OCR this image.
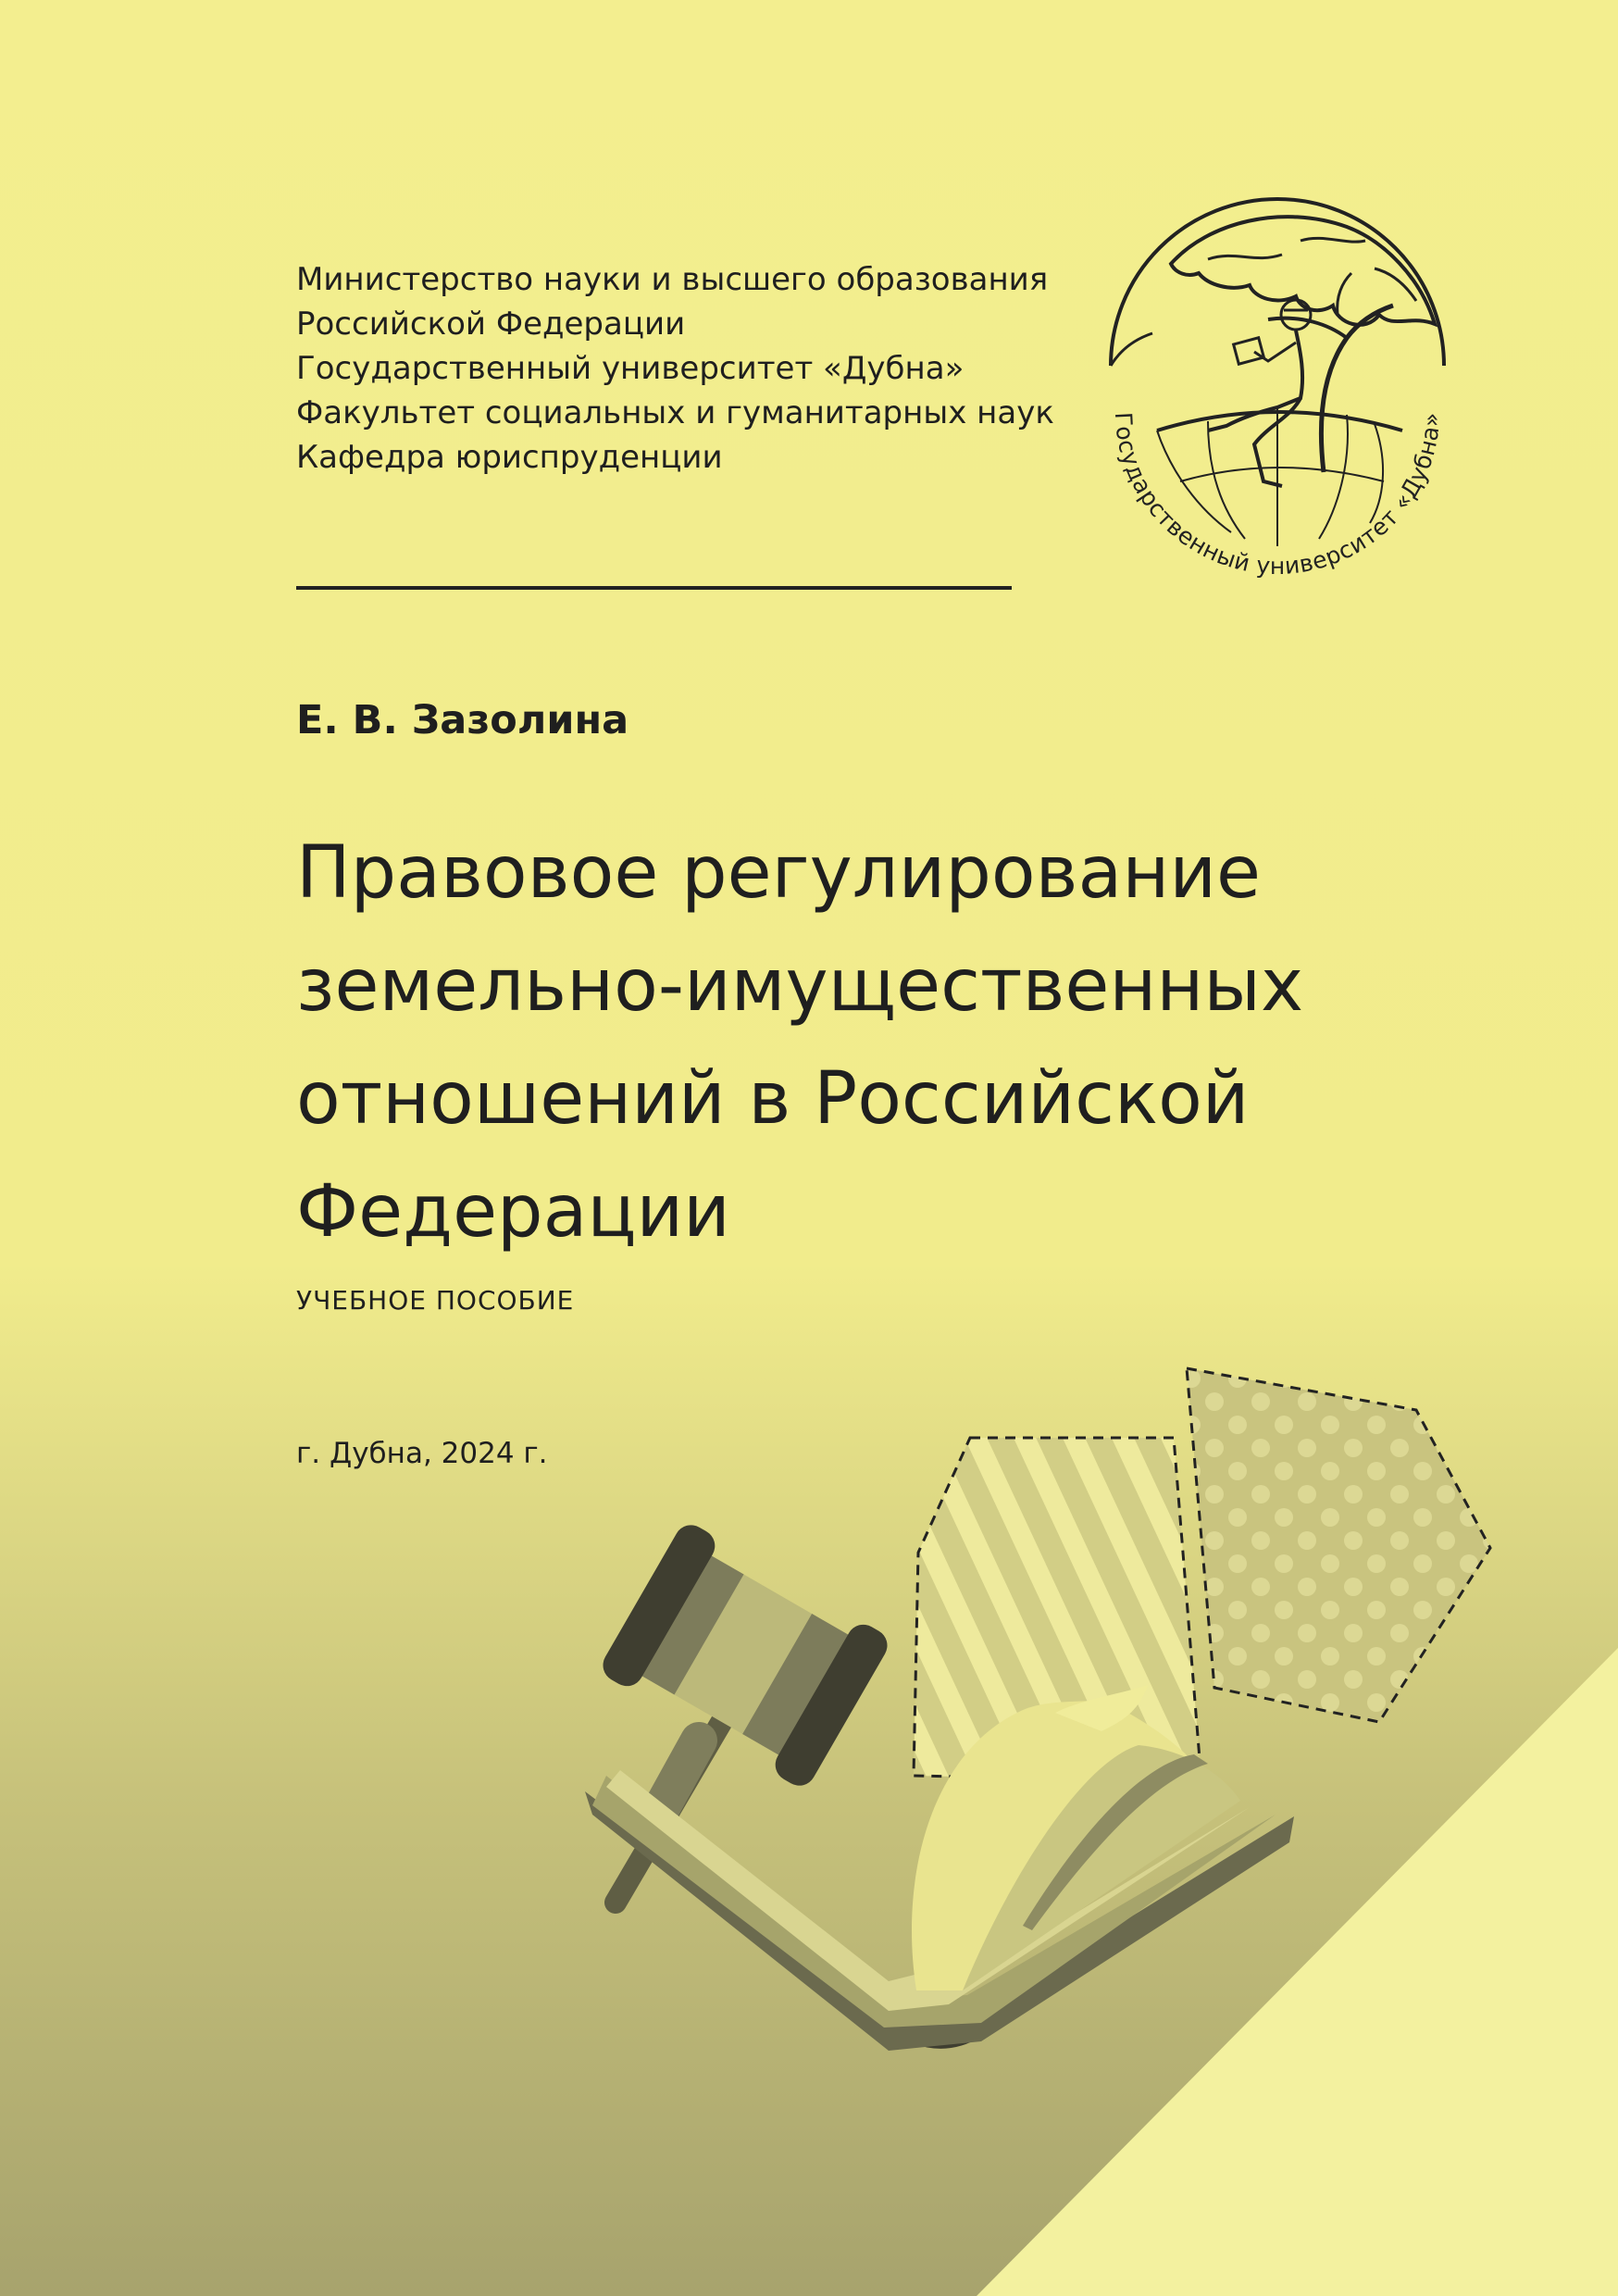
Министерство науки и высшего образования
Российской Федерации
Государственный университет «Дубна»
Факультет социальных и гуманитарных наук
Кафедра юриспруденции
Государственный университет «Дубна»
Е. В. Зазолина
Правовое регулирование
земельно-имущественных
отношений в Российской
Федерации
УЧЕБНОЕ ПОСОБИЕ
г. Дубна, 2024 г.
